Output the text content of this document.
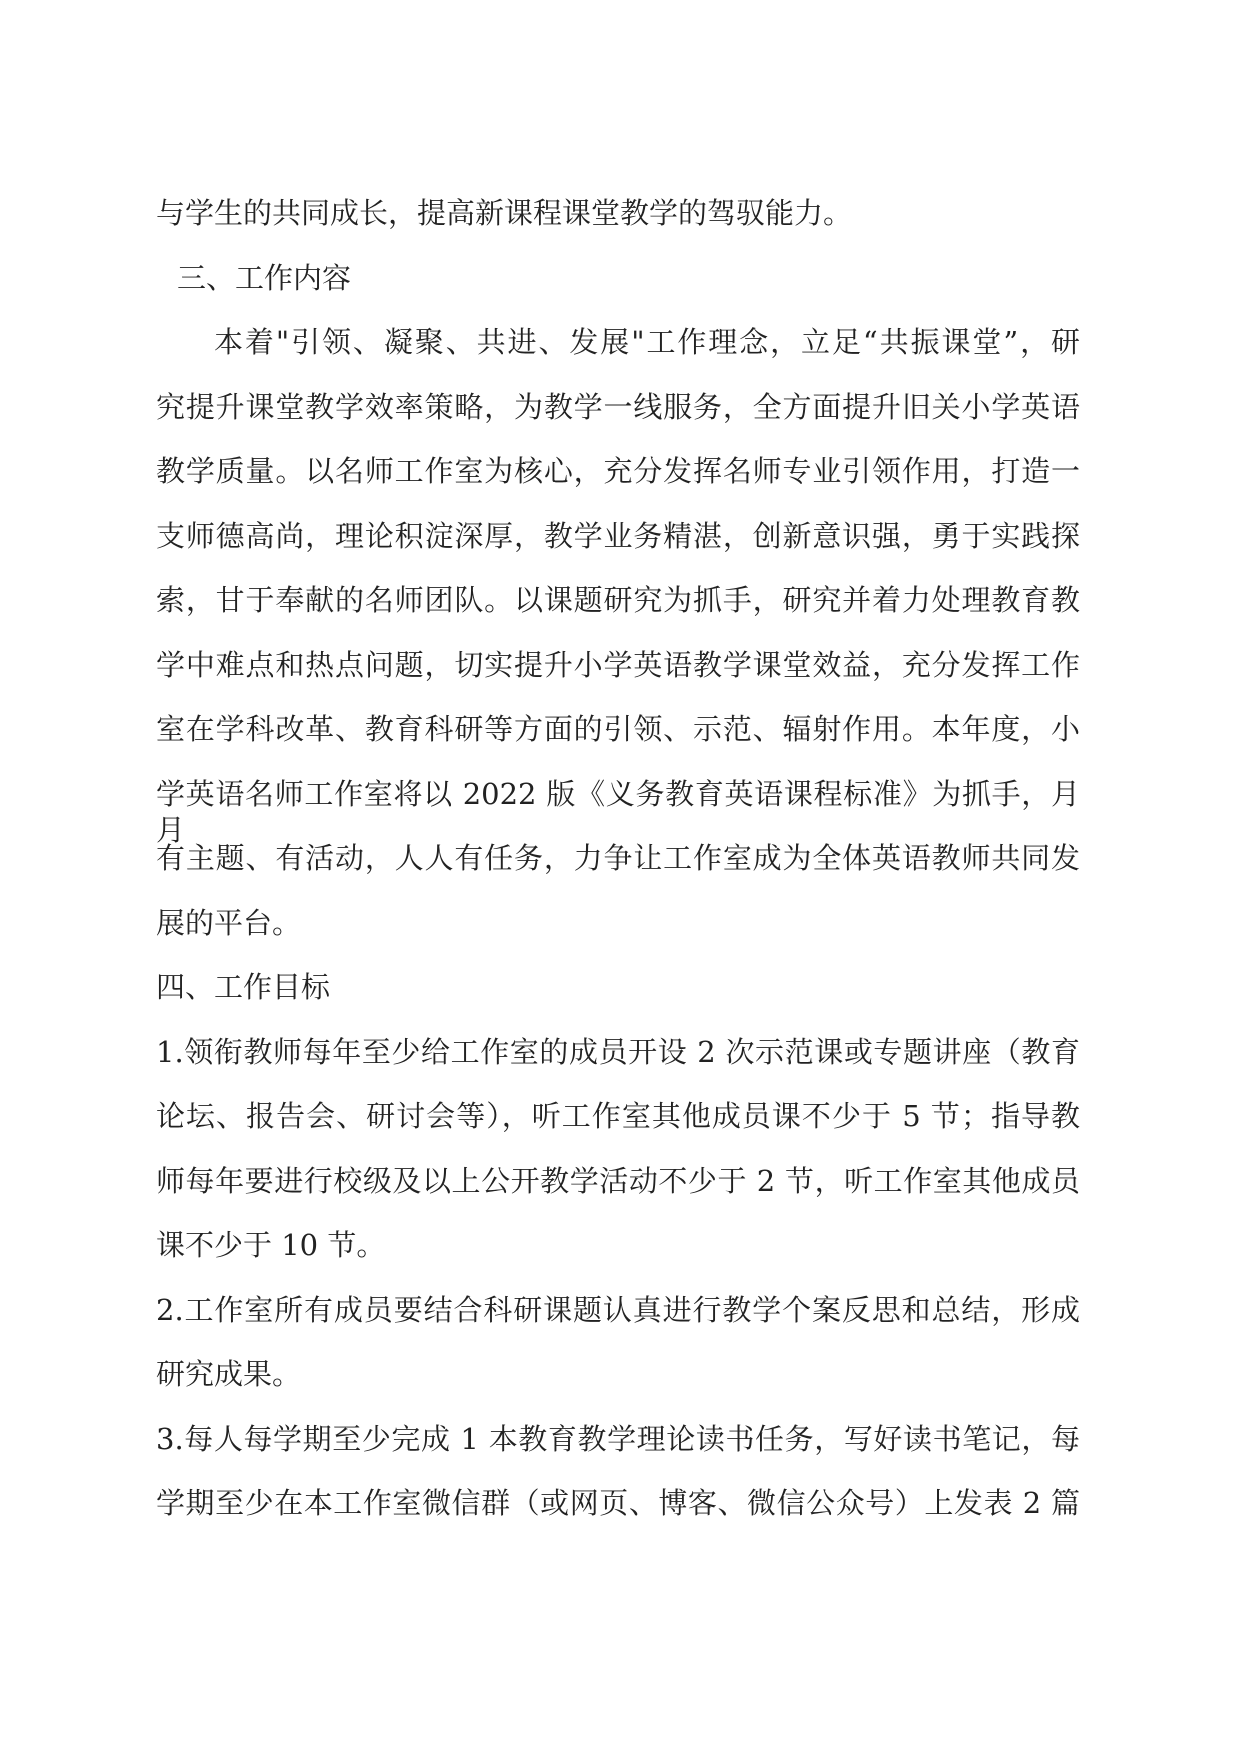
与学生的共同成长，提高新课程课堂教学的驾驭能力。

三、工作内容

本着"引领、凝聚、共进、发展"工作理念，立足“共振课堂”，研

究提升课堂教学效率策略，为教学一线服务，全方面提升旧关小学英语

教学质量。以名师工作室为核心，充分发挥名师专业引领作用，打造一

支师德高尚，理论积淀深厚，教学业务精湛，创新意识强，勇于实践探

索，甘于奉献的名师团队。以课题研究为抓手，研究并着力处理教育教

学中难点和热点问题，切实提升小学英语教学课堂效益，充分发挥工作

室在学科改革、教育科研等方面的引领、示范、辐射作用。本年度，小

学英语名师工作室将以 2022 版《义务教育英语课程标准》为抓手，月月

有主题、有活动，人人有任务，力争让工作室成为全体英语教师共同发

展的平台。

四、工作目标

1.领衔教师每年至少给工作室的成员开设 2 次示范课或专题讲座（教育

论坛、报告会、研讨会等），听工作室其他成员课不少于 5 节；指导教

师每年要进行校级及以上公开教学活动不少于 2 节，听工作室其他成员

课不少于 10 节。

2.工作室所有成员要结合科研课题认真进行教学个案反思和总结，形成

研究成果。

3.每人每学期至少完成 1 本教育教学理论读书任务，写好读书笔记，每

学期至少在本工作室微信群（或网页、博客、微信公众号）上发表 2 篇
